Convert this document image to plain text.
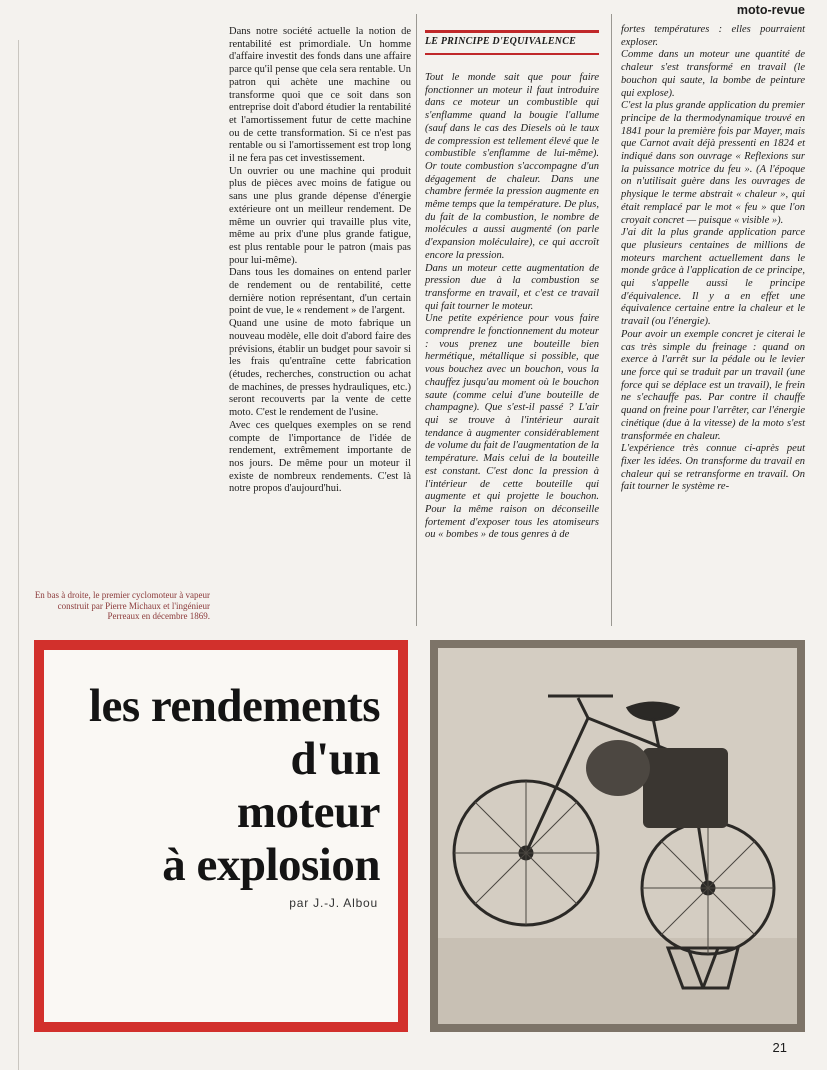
moto-revue

Dans notre société actuelle la notion de rentabilité est primordiale. Un homme d'affaire investit des fonds dans une affaire parce qu'il pense que cela sera rentable. Un patron qui achète une machine ou transforme quoi que ce soit dans son entreprise doit d'abord étudier la rentabilité et l'amortissement futur de cette machine ou de cette transformation. Si ce n'est pas rentable ou si l'amortissement est trop long il ne fera pas cet investissement.

Un ouvrier ou une machine qui produit plus de pièces avec moins de fatigue ou sans une plus grande dépense d'énergie extérieure ont un meilleur rendement. De même un ouvrier qui travaille plus vite, même au prix d'une plus grande fatigue, est plus rentable pour le patron (mais pas pour lui-même).

Dans tous les domaines on entend parler de rendement ou de rentabilité, cette dernière notion représentant, d'un certain point de vue, le « rendement » de l'argent.

Quand une usine de moto fabrique un nouveau modèle, elle doit d'abord faire des prévisions, établir un budget pour savoir si les frais qu'entraîne cette fabrication (études, recherches, construction ou achat de machines, de presses hydrauliques, etc.) seront recouverts par la vente de cette moto. C'est le rendement de l'usine.

Avec ces quelques exemples on se rend compte de l'importance de l'idée de rendement, extrêmement importante de nos jours. De même pour un moteur il existe de nombreux rendements. C'est là notre propos d'aujourd'hui.

LE PRINCIPE D'EQUIVALENCE

Tout le monde sait que pour faire fonctionner un moteur il faut introduire dans ce moteur un combustible qui s'enflamme quand la bougie l'allume (sauf dans le cas des Diesels où le taux de compression est tellement élevé que le combustible s'enflamme de lui-même). Or toute combustion s'accompagne d'un dégagement de chaleur. Dans une chambre fermée la pression augmente en même temps que la température. De plus, du fait de la combustion, le nombre de molécules a aussi augmenté (on parle d'expansion moléculaire), ce qui accroît encore la pression.

Dans un moteur cette augmentation de pression due à la combustion se transforme en travail, et c'est ce travail qui fait tourner le moteur.

Une petite expérience pour vous faire comprendre le fonctionnement du moteur : vous prenez une bouteille bien hermétique, métallique si possible, que vous bouchez avec un bouchon, vous la chauffez jusqu'au moment où le bouchon saute (comme celui d'une bouteille de champagne). Que s'est-il passé ? L'air qui se trouve à l'intérieur aurait tendance à augmenter considérablement de volume du fait de l'augmentation de la température. Mais celui de la bouteille est constant. C'est donc la pression à l'intérieur de cette bouteille qui augmente et qui projette le bouchon. Pour la même raison on déconseille fortement d'exposer tous les atomiseurs ou « bombes » de tous genres à de

fortes températures : elles pourraient exploser.

Comme dans un moteur une quantité de chaleur s'est transformé en travail (le bouchon qui saute, la bombe de peinture qui explose).

C'est la plus grande application du premier principe de la thermodynamique trouvé en 1841 pour la première fois par Mayer, mais que Carnot avait déjà pressenti en 1824 et indiqué dans son ouvrage « Reflexions sur la puissance motrice du feu ». (A l'époque on n'utilisait guère dans les ouvrages de physique le terme abstrait « chaleur », qui était remplacé par le mot « feu » que l'on croyait concret — puisque « visible »).

J'ai dit la plus grande application parce que plusieurs centaines de millions de moteurs marchent actuellement dans le monde grâce à l'application de ce principe, qui s'appelle aussi le principe d'équivalence. Il y a en effet une équivalence certaine entre la chaleur et le travail (ou l'énergie).

Pour avoir un exemple concret je citerai le cas très simple du freinage : quand on exerce à l'arrêt sur la pédale ou le levier une force qui se traduit par un travail (une force qui se déplace est un travail), le frein ne s'echauffe pas. Par contre il chauffe quand on freine pour l'arrêter, car l'énergie cinétique (due à la vitesse) de la moto s'est transformée en chaleur.

L'expérience très connue ci-après peut fixer les idées. On transforme du travail en chaleur qui se retransforme en travail. On fait tourner le système re-

En bas à droite, le premier cyclomoteur à vapeur construit par Pierre Michaux et l'ingénieur Perreaux en décembre 1869.

les rendements
d'un
moteur
à explosion
par J.-J. Albou
21
